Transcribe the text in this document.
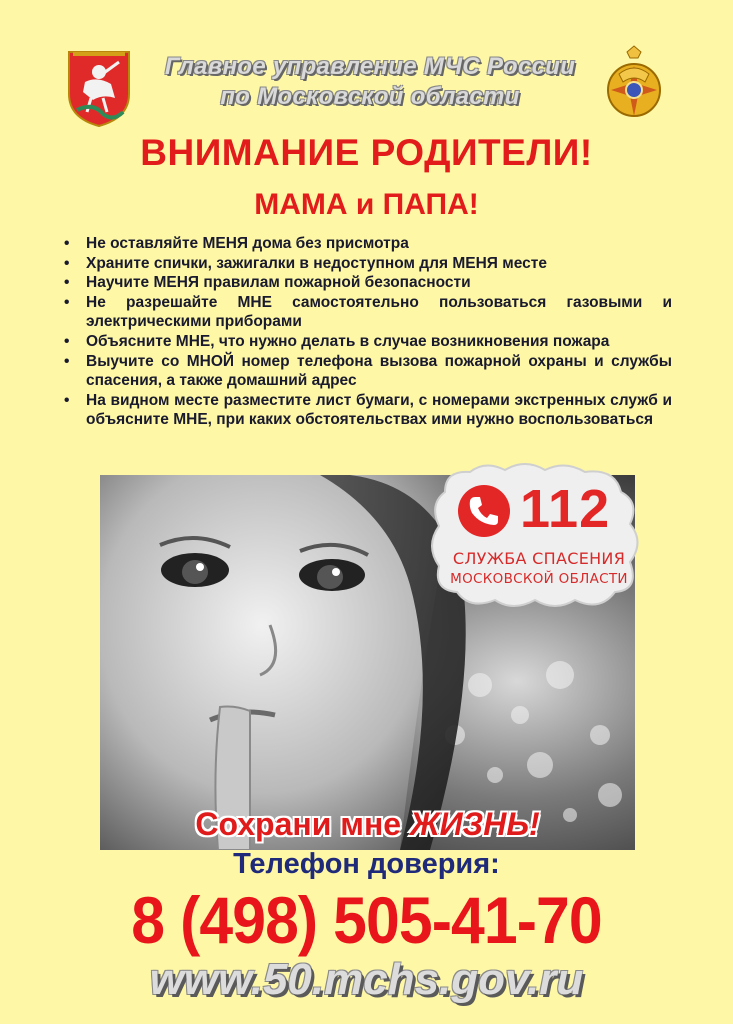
Главное управление МЧС России
по Московской области
ВНИМАНИЕ РОДИТЕЛИ!
МАМА и ПАПА!
• Не оставляйте МЕНЯ дома без присмотра
• Храните спички, зажигалки в недоступном для МЕНЯ месте
• Научите МЕНЯ правилам пожарной безопасности
• Не разрешайте МНЕ самостоятельно пользоваться газовыми и электрическими приборами
• Объясните МНЕ, что нужно делать в случае возникновения пожара
• Выучите со МНОЙ номер телефона вызова пожарной охраны и службы спасения, а также домашний адрес
• На видном месте разместите лист бумаги, с номерами экстренных служб и объясните МНЕ, при каких обстоятельствах ими нужно воспользоваться
112
СЛУЖБА СПАСЕНИЯ
МОСКОВСКОЙ ОБЛАСТИ
Сохрани мне ЖИЗНЬ!
Телефон доверия:
8 (498) 505-41-70
www.50.mchs.gov.ru
